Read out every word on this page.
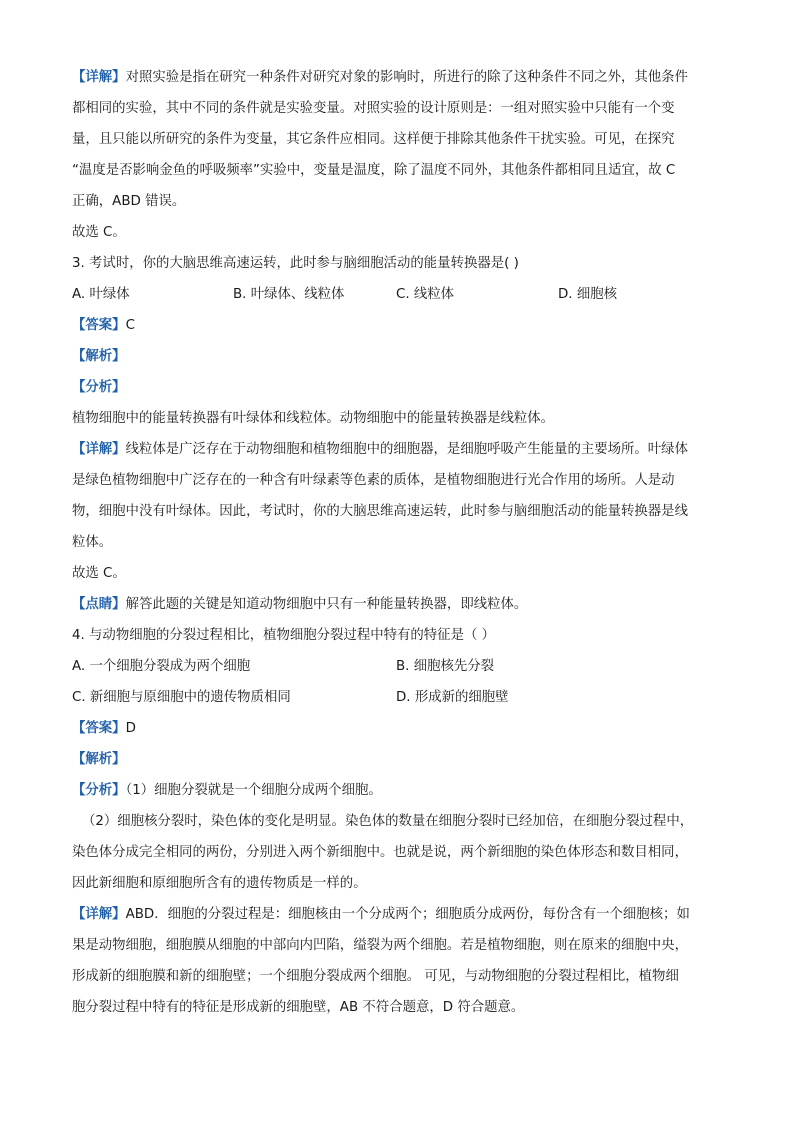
【详解】对照实验是指在研究一种条件对研究对象的影响时，所进行的除了这种条件不同之外，其他条件
都相同的实验，其中不同的条件就是实验变量。对照实验的设计原则是：一组对照实验中只能有一个变
量，且只能以所研究的条件为变量，其它条件应相同。这样便于排除其他条件干扰实验。可见，在探究
“温度是否影响金鱼的呼吸频率”实验中，变量是温度，除了温度不同外，其他条件都相同且适宜，故 C
正确，ABD 错误。
故选 C。
3. 考试时，你的大脑思维高速运转，此时参与脑细胞活动的能量转换器是( )
A. 叶绿体	B. 叶绿体、线粒体	C. 线粒体	D. 细胞核
【答案】C
【解析】
【分析】
植物细胞中的能量转换器有叶绿体和线粒体。动物细胞中的能量转换器是线粒体。
【详解】线粒体是广泛存在于动物细胞和植物细胞中的细胞器，是细胞呼吸产生能量的主要场所。叶绿体
是绿色植物细胞中广泛存在的一种含有叶绿素等色素的质体，是植物细胞进行光合作用的场所。人是动
物，细胞中没有叶绿体。因此，考试时，你的大脑思维高速运转，此时参与脑细胞活动的能量转换器是线
粒体。
故选 C。
【点睛】解答此题的关键是知道动物细胞中只有一种能量转换器，即线粒体。
4. 与动物细胞的分裂过程相比，植物细胞分裂过程中特有的特征是（ ）
A. 一个细胞分裂成为两个细胞	B. 细胞核先分裂
C. 新细胞与原细胞中的遗传物质相同	D. 形成新的细胞壁
【答案】D
【解析】
【分析】（1）细胞分裂就是一个细胞分成两个细胞。
（2）细胞核分裂时，染色体的变化是明显。染色体的数量在细胞分裂时已经加倍，在细胞分裂过程中，
染色体分成完全相同的两份，分别进入两个新细胞中。也就是说，两个新细胞的染色体形态和数目相同，
因此新细胞和原细胞所含有的遗传物质是一样的。
【详解】ABD．细胞的分裂过程是：细胞核由一个分成两个；细胞质分成两份，每份含有一个细胞核；如
果是动物细胞，细胞膜从细胞的中部向内凹陷，缢裂为两个细胞。若是植物细胞，则在原来的细胞中央，
形成新的细胞膜和新的细胞壁；一个细胞分裂成两个细胞。 可见，与动物细胞的分裂过程相比，植物细
胞分裂过程中特有的特征是形成新的细胞壁，AB 不符合题意，D 符合题意。
